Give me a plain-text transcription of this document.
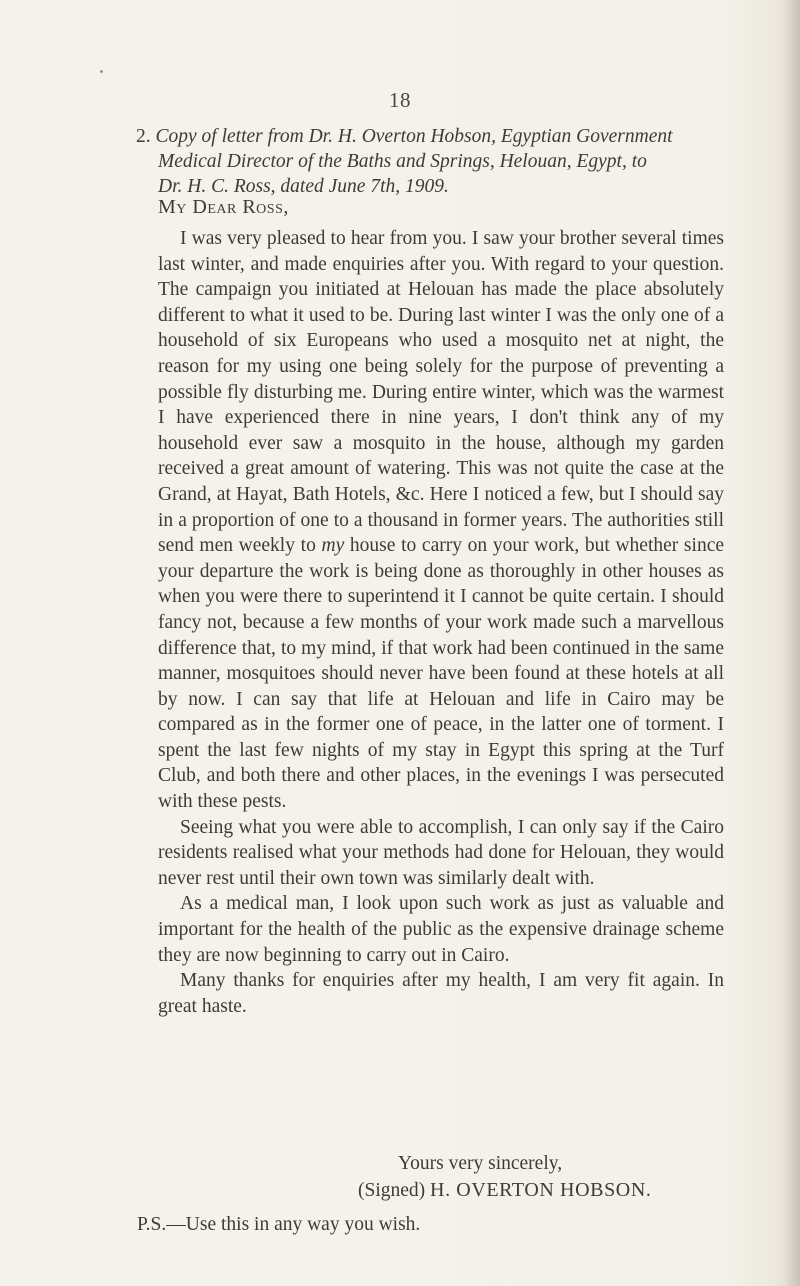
18
2. Copy of letter from Dr. H. Overton Hobson, Egyptian Government
Medical Director of the Baths and Springs, Helouan, Egypt, to
Dr. H. C. Ross, dated June 7th, 1909.
My Dear Ross,

I was very pleased to hear from you. I saw your brother several times last winter, and made enquiries after you. With regard to your question. The campaign you initiated at Helouan has made the place absolutely different to what it used to be. During last winter I was the only one of a household of six Europeans who used a mosquito net at night, the reason for my using one being solely for the purpose of preventing a possible fly disturbing me. During entire winter, which was the warmest I have experienced there in nine years, I don't think any of my household ever saw a mosquito in the house, although my garden received a great amount of watering. This was not quite the case at the Grand, at Hayat, Bath Hotels, &c. Here I noticed a few, but I should say in a proportion of one to a thousand in former years. The authorities still send men weekly to my house to carry on your work, but whether since your departure the work is being done as thoroughly in other houses as when you were there to superintend it I cannot be quite certain. I should fancy not, because a few months of your work made such a marvellous difference that, to my mind, if that work had been continued in the same manner, mosquitoes should never have been found at these hotels at all by now. I can say that life at Helouan and life in Cairo may be compared as in the former one of peace, in the latter one of torment. I spent the last few nights of my stay in Egypt this spring at the Turf Club, and both there and other places, in the evenings I was persecuted with these pests.

Seeing what you were able to accomplish, I can only say if the Cairo residents realised what your methods had done for Helouan, they would never rest until their own town was similarly dealt with.

As a medical man, I look upon such work as just as valuable and important for the health of the public as the expensive drainage scheme they are now beginning to carry out in Cairo.

Many thanks for enquiries after my health, I am very fit again. In great haste.

Yours very sincerely,
(Signed) H. OVERTON HOBSON.
P.S.—Use this in any way you wish.
